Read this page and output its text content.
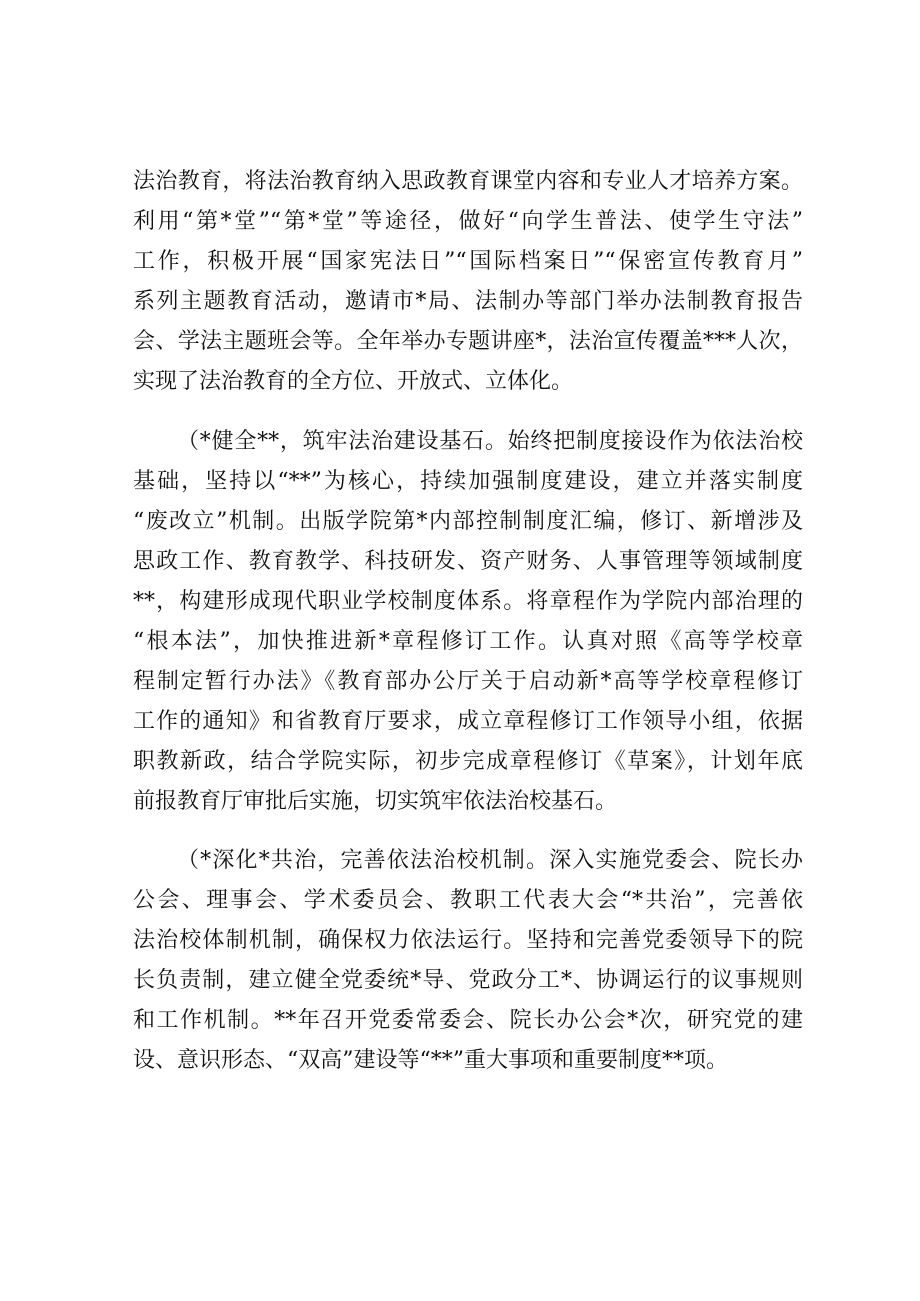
法治教育，将法治教育纳入思政教育课堂内容和专业人才培养方案。
利用“第*堂”“第*堂”等途径，做好“向学生普法、使学生守法”
工作，积极开展“国家宪法日”“国际档案日”“保密宣传教育月”
系列主题教育活动，邀请市*局、法制办等部门举办法制教育报告
会、学法主题班会等。全年举办专题讲座*，法治宣传覆盖***人次，
实现了法治教育的全方位、开放式、立体化。
（*健全**，筑牢法治建设基石。始终把制度接设作为依法治校
基础，坚持以“**”为核心，持续加强制度建设，建立并落实制度
“废改立”机制。出版学院第*内部控制制度汇编，修订、新增涉及
思政工作、教育教学、科技研发、资产财务、人事管理等领域制度
**，构建形成现代职业学校制度体系。将章程作为学院内部治理的
“根本法”，加快推进新*章程修订工作。认真对照《高等学校章
程制定暂行办法》《教育部办公厅关于启动新*高等学校章程修订
工作的通知》和省教育厅要求，成立章程修订工作领导小组，依据
职教新政，结合学院实际，初步完成章程修订《草案》，计划年底
前报教育厅审批后实施，切实筑牢依法治校基石。
（*深化*共治，完善依法治校机制。深入实施党委会、院长办
公会、理事会、学术委员会、教职工代表大会“*共治”，完善依
法治校体制机制，确保权力依法运行。坚持和完善党委领导下的院
长负责制，建立健全党委统*导、党政分工*、协调运行的议事规则
和工作机制。**年召开党委常委会、院长办公会*次，研究党的建
设、意识形态、“双高”建设等“**”重大事项和重要制度**项。
